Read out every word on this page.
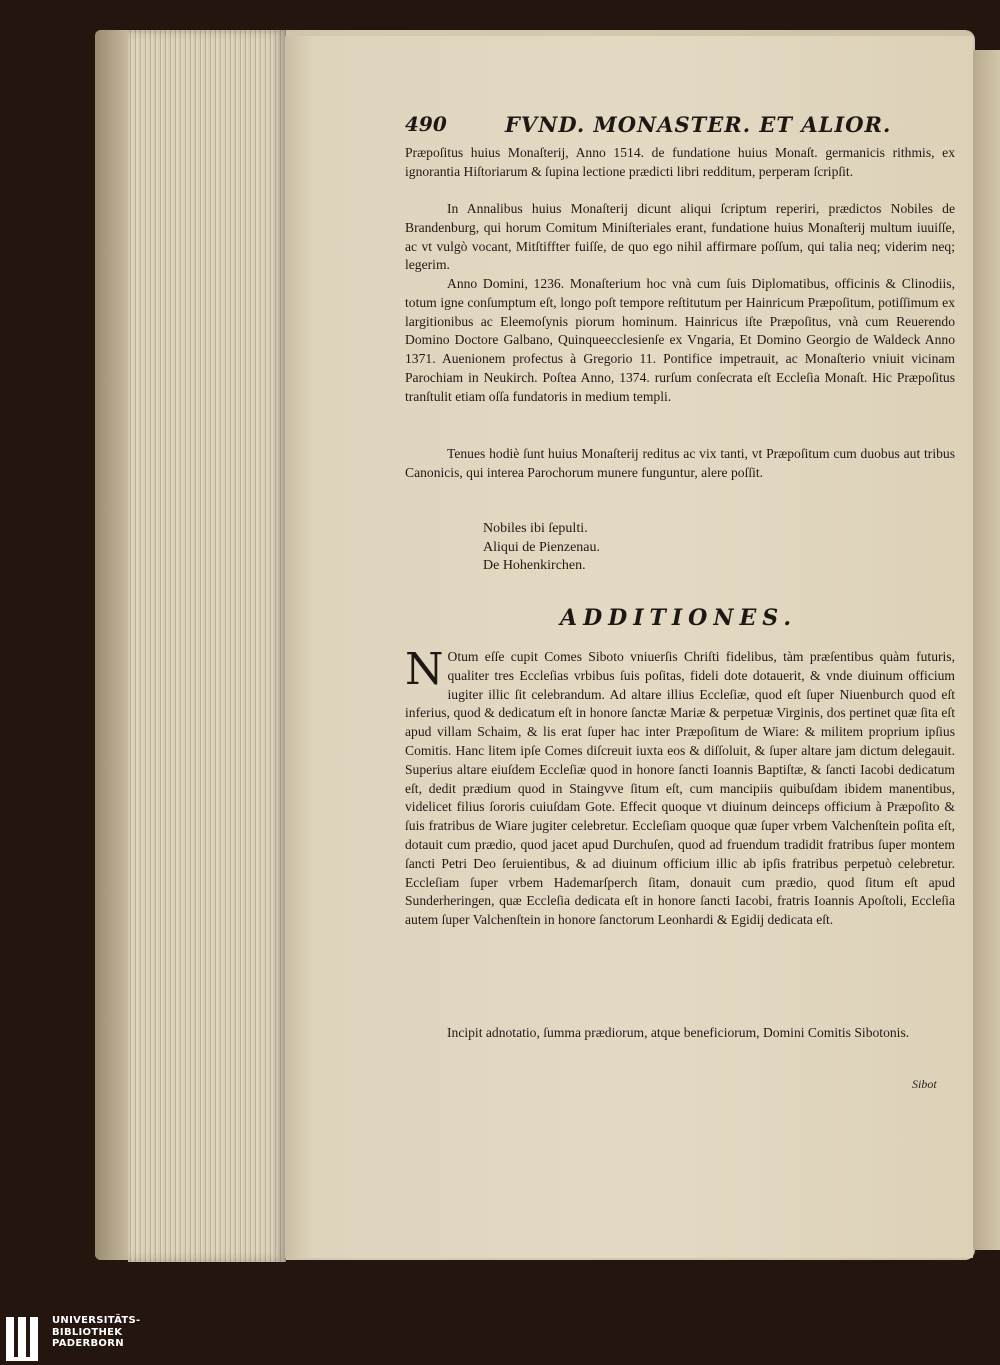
490	FVND. MONASTER. ET ALIOR.
Præpoſitus huius Monaſterij, Anno 1514. de fundatione huius Monaſt. germanicis rithmis, ex ignorantia Hiſtoriarum & ſupina lectione prædicti libri redditum, perperam ſcripſit.
In Annalibus huius Monaſterij dicunt aliqui ſcriptum reperiri, prædictos Nobiles de Brandenburg, qui horum Comitum Miniſteriales erant, fundatione huius Monaſterij multum iuuiſſe, ac vt vulgò vocant, Mitſtiffter fuiſſe, de quo ego nihil affirmare poſſum, qui talia neq; viderim neq; legerim.
Anno Domini, 1236. Monaſterium hoc vnà cum ſuis Diplomatibus, officinis & Clinodiis, totum igne conſumptum eſt, longo poſt tempore reſtitutum per Hainricum Præpoſitum, potiſſimum ex largitionibus ac Eleemoſynis piorum hominum. Hainricus iſte Præpoſitus, vnà cum Reuerendo Domino Doctore Galbano, Quinqueecclesienſe ex Vngaria, Et Domino Georgio de Waldeck Anno 1371. Auenionem profectus à Gregorio 11. Pontifice impetrauit, ac Monaſterio vniuit vicinam Parochiam in Neukirch. Poſtea Anno, 1374. rurſum conſecrata eſt Eccleſia Monaſt. Hic Præpoſitus tranſtulit etiam oſſa fundatoris in medium templi.
Tenues hodiè ſunt huius Monaſterij reditus ac vix tanti, vt Præpoſitum cum duobus aut tribus Canonicis, qui interea Parochorum munere funguntur, alere poſſit.
Nobiles ibi ſepulti.
Aliqui de Pienzenau.
De Hohenkirchen.
ADDITIONES.
N Otum eſſe cupit Comes Siboto vniuerſis Chriſti fidelibus, tàm præſentibus quàm futuris, qualiter tres Eccleſias vrbibus ſuis poſitas, fideli dote dotauerit, & vnde diuinum officium iugiter illic ſit celebrandum. Ad altare illius Eccleſiæ, quod eſt ſuper Niuenburch quod eſt inferius, quod & dedicatum eſt in honore ſanctæ Mariæ & perpetuæ Virginis, dos pertinet quæ ſita eſt apud villam Schaim, & lis erat ſuper hac inter Præpoſitum de Wiare: & militem proprium ipſius Comitis. Hanc litem ipſe Comes diſcreuit iuxta eos & diſſoluit, & ſuper altare jam dictum delegauit. Superius altare eiuſdem Eccleſiæ quod in honore ſancti Ioannis Baptiſtæ, & ſancti Iacobi dedicatum eſt, dedit prædium quod in Staingvve ſitum eſt, cum mancipiis quibuſdam ibidem manentibus, videlicet filius ſororis cuiuſdam Gote. Effecit quoque vt diuinum deinceps officium à Præpoſito & ſuis fratribus de Wiare jugiter celebretur. Eccleſiam quoque quæ ſuper vrbem Valchenſtein poſita eſt, dotauit cum prædio, quod jacet apud Durchuſen, quod ad fruendum tradidit fratribus ſuper montem ſancti Petri Deo ſeruientibus, & ad diuinum officium illic ab ipſis fratribus perpetuò celebretur. Eccleſiam ſuper vrbem Hademarſperch ſitam, donauit cum prædio, quod ſitum eſt apud Sunderheringen, quæ Eccleſia dedicata eſt in honore ſancti Iacobi, fratris Ioannis Apoſtoli, Eccleſia autem ſuper Valchenſtein in honore ſanctorum Leonhardi & Egidij dedicata eſt.
Incipit adnotatio, ſumma prædiorum, atque beneficiorum, Domini Comitis Sibotonis.
Sibot
UNIVERSITÄTS-
BIBLIOTHEK
PADERBORN
